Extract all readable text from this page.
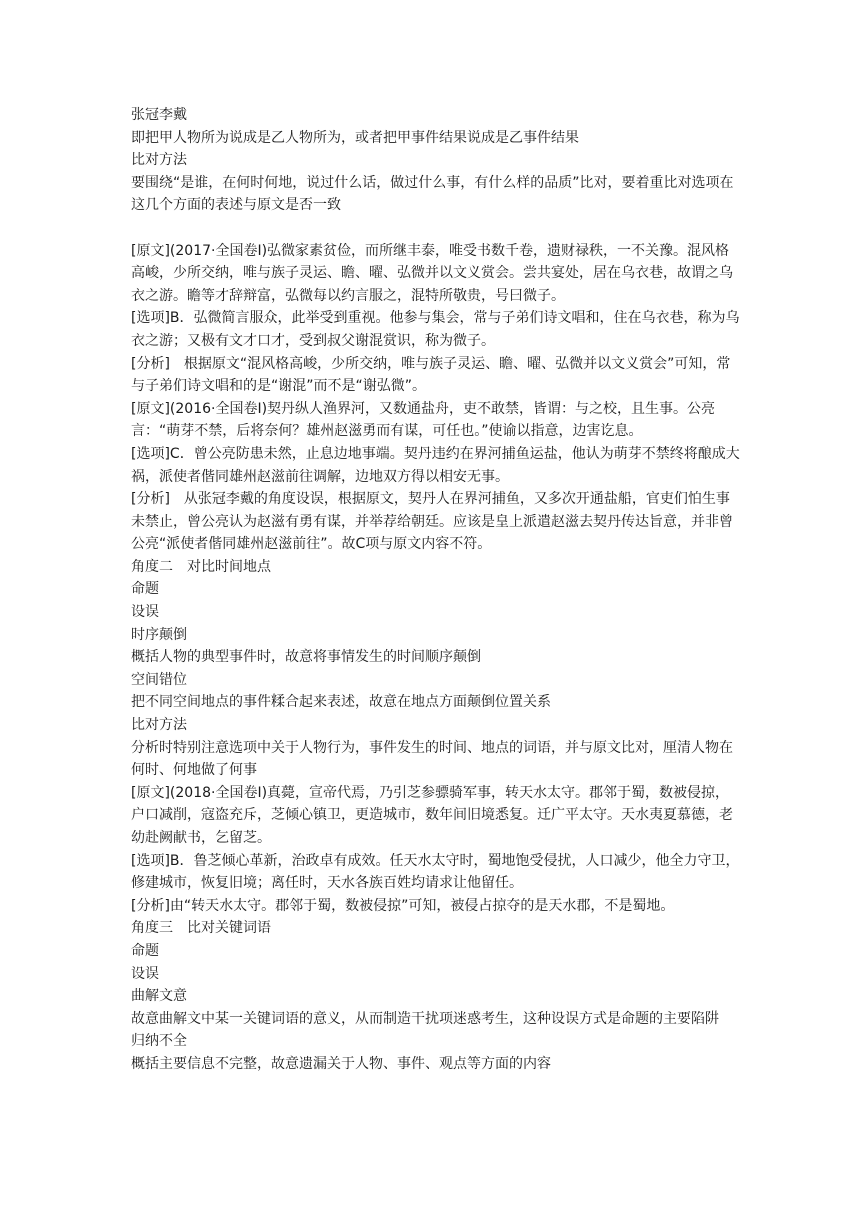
张冠李戴

即把甲人物所为说成是乙人物所为，或者把甲事件结果说成是乙事件结果

比对方法

要围绕“是谁，在何时何地，说过什么话，做过什么事，有什么样的品质”比对，要着重比对选项在这几个方面的表述与原文是否一致

[原文](2017·全国卷Ⅰ)弘微家素贫俭，而所继丰泰，唯受书数千卷，遗财禄秩，一不关豫。混风格高峻，少所交纳，唯与族子灵运、瞻、曜、弘微并以文义赏会。尝共宴处，居在乌衣巷，故谓之乌衣之游。瞻等才辞辩富，弘微每以约言服之，混特所敬贵，号曰微子。

[选项]B．弘微简言服众，此举受到重视。他参与集会，常与子弟们诗文唱和，住在乌衣巷，称为乌衣之游；又极有文才口才，受到叔父谢混赏识，称为微子。

[分析]　根据原文“混风格高峻，少所交纳，唯与族子灵运、瞻、曜、弘微并以文义赏会”可知，常与子弟们诗文唱和的是“谢混”而不是“谢弘微”。

[原文](2016·全国卷Ⅰ)契丹纵人渔界河，又数通盐舟，吏不敢禁，皆谓：与之校，且生事。公亮言：“萌芽不禁，后将奈何？雄州赵滋勇而有谋，可任也。”使谕以指意，边害讫息。

[选项]C．曾公亮防患未然，止息边地事端。契丹违约在界河捕鱼运盐，他认为萌芽不禁终将酿成大祸，派使者偕同雄州赵滋前往调解，边地双方得以相安无事。

[分析]　从张冠李戴的角度设误，根据原文，契丹人在界河捕鱼，又多次开通盐船，官吏们怕生事未禁止，曾公亮认为赵滋有勇有谋，并举荐给朝廷。应该是皇上派遣赵滋去契丹传达旨意，并非曾公亮“派使者偕同雄州赵滋前往”。故C项与原文内容不符。

角度二　对比时间地点

命题

设误

时序颠倒

概括人物的典型事件时，故意将事情发生的时间顺序颠倒

空间错位

把不同空间地点的事件糅合起来表述，故意在地点方面颠倒位置关系

比对方法

分析时特别注意选项中关于人物行为，事件发生的时间、地点的词语，并与原文比对，厘清人物在何时、何地做了何事

[原文](2018·全国卷Ⅰ)真薨，宣帝代焉，乃引芝参骠骑军事，转天水太守。郡邻于蜀，数被侵掠，户口减削，寇盗充斥，芝倾心镇卫，更造城市，数年间旧境悉复。迁广平太守。天水夷夏慕德，老幼赴阙献书，乞留芝。

[选项]B．鲁芝倾心革新，治政卓有成效。任天水太守时，蜀地饱受侵扰，人口减少，他全力守卫，修建城市，恢复旧境；离任时，天水各族百姓均请求让他留任。

[分析]由“转天水太守。郡邻于蜀，数被侵掠”可知，被侵占掠夺的是天水郡，不是蜀地。

角度三　比对关键词语

命题

设误

曲解文意

故意曲解文中某一关键词语的意义，从而制造干扰项迷惑考生，这种设误方式是命题的主要陷阱

归纳不全

概括主要信息不完整，故意遗漏关于人物、事件、观点等方面的内容
